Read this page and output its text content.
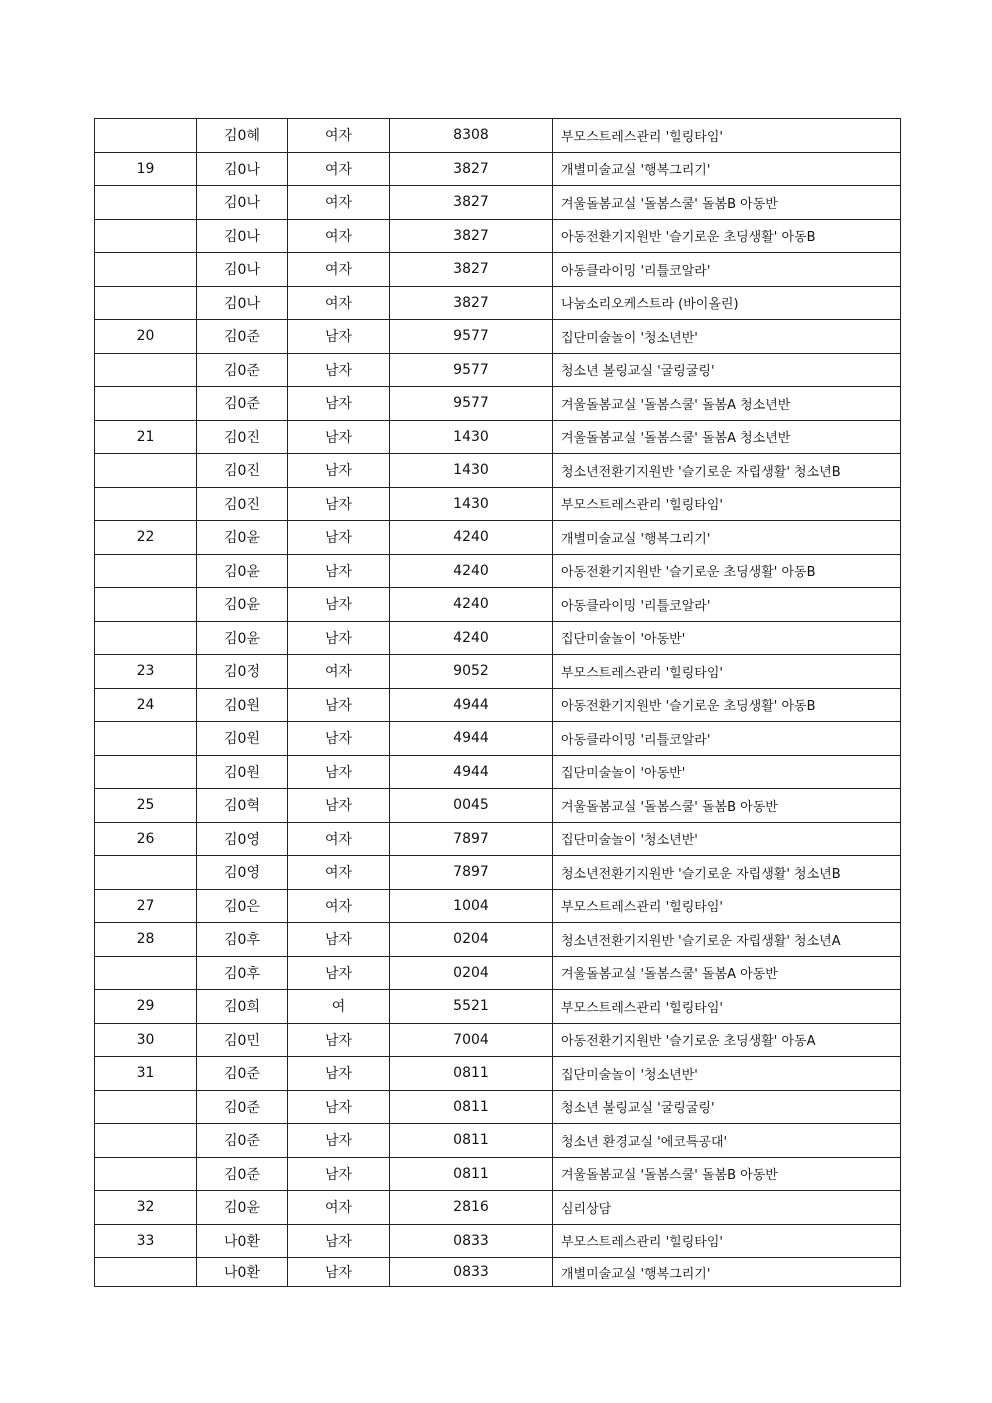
	김0혜	여자	8308	부모스트레스관리 '힐링타임'
19	김0나	여자	3827	개별미술교실 '행복그리기'
	김0나	여자	3827	겨울돌봄교실 '돌봄스쿨' 돌봄B 아동반
	김0나	여자	3827	아동전환기지원반 '슬기로운 초딩생활' 아동B
	김0나	여자	3827	아동클라이밍 '리틀코알라'
	김0나	여자	3827	나눔소리오케스트라 (바이올린)
20	김0준	남자	9577	집단미술놀이 '청소년반'
	김0준	남자	9577	청소년 볼링교실 '굴링굴링'
	김0준	남자	9577	겨울돌봄교실 '돌봄스쿨' 돌봄A 청소년반
21	김0진	남자	1430	겨울돌봄교실 '돌봄스쿨' 돌봄A 청소년반
	김0진	남자	1430	청소년전환기지원반 '슬기로운 자립생활' 청소년B
	김0진	남자	1430	부모스트레스관리 '힐링타임'
22	김0윤	남자	4240	개별미술교실 '행복그리기'
	김0윤	남자	4240	아동전환기지원반 '슬기로운 초딩생활' 아동B
	김0윤	남자	4240	아동클라이밍 '리틀코알라'
	김0윤	남자	4240	집단미술놀이 '아동반'
23	김0정	여자	9052	부모스트레스관리 '힐링타임'
24	김0원	남자	4944	아동전환기지원반 '슬기로운 초딩생활' 아동B
	김0원	남자	4944	아동클라이밍 '리틀코알라'
	김0원	남자	4944	집단미술놀이 '아동반'
25	김0혁	남자	0045	겨울돌봄교실 '돌봄스쿨' 돌봄B 아동반
26	김0영	여자	7897	집단미술놀이 '청소년반'
	김0영	여자	7897	청소년전환기지원반 '슬기로운 자립생활' 청소년B
27	김0은	여자	1004	부모스트레스관리 '힐링타임'
28	김0후	남자	0204	청소년전환기지원반 '슬기로운 자립생활' 청소년A
	김0후	남자	0204	겨울돌봄교실 '돌봄스쿨' 돌봄A 아동반
29	김0희	여	5521	부모스트레스관리 '힐링타임'
30	김0민	남자	7004	아동전환기지원반 '슬기로운 초딩생활' 아동A
31	김0준	남자	0811	집단미술놀이 '청소년반'
	김0준	남자	0811	청소년 볼링교실 '굴링굴링'
	김0준	남자	0811	청소년 환경교실 '에코특공대'
	김0준	남자	0811	겨울돌봄교실 '돌봄스쿨' 돌봄B 아동반
32	김0윤	여자	2816	심리상담
33	나0환	남자	0833	부모스트레스관리 '힐링타임'
	나0환	남자	0833	개별미술교실 '행복그리기'
